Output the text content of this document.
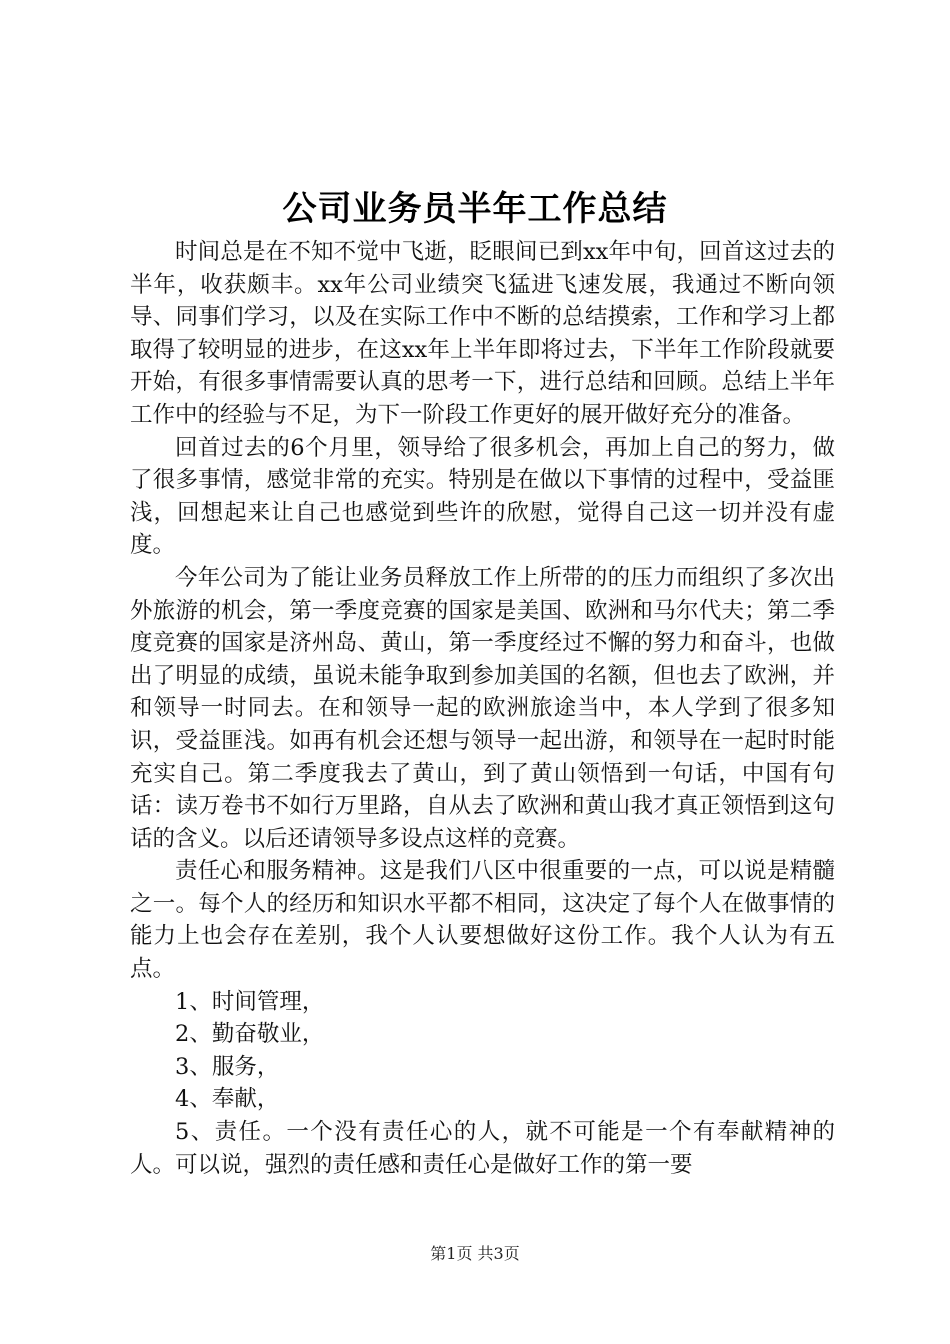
公司业务员半年工作总结

时间总是在不知不觉中飞逝，眨眼间已到xx年中旬，回首这过去的半年，收获颇丰。xx年公司业绩突飞猛进飞速发展，我通过不断向领导、同事们学习，以及在实际工作中不断的总结摸索，工作和学习上都取得了较明显的进步，在这xx年上半年即将过去，下半年工作阶段就要开始，有很多事情需要认真的思考一下，进行总结和回顾。总结上半年工作中的经验与不足，为下一阶段工作更好的展开做好充分的准备。

回首过去的6个月里，领导给了很多机会，再加上自己的努力，做了很多事情，感觉非常的充实。特别是在做以下事情的过程中，受益匪浅，回想起来让自己也感觉到些许的欣慰，觉得自己这一切并没有虚度。

今年公司为了能让业务员释放工作上所带的的压力而组织了多次出外旅游的机会，第一季度竞赛的国家是美国、欧洲和马尔代夫；第二季度竞赛的国家是济州岛、黄山，第一季度经过不懈的努力和奋斗，也做出了明显的成绩，虽说未能争取到参加美国的名额，但也去了欧洲，并和领导一时同去。在和领导一起的欧洲旅途当中，本人学到了很多知识，受益匪浅。如再有机会还想与领导一起出游，和领导在一起时时能充实自己。第二季度我去了黄山，到了黄山领悟到一句话，中国有句话：读万卷书不如行万里路，自从去了欧洲和黄山我才真正领悟到这句话的含义。以后还请领导多设点这样的竞赛。

责任心和服务精神。这是我们八区中很重要的一点，可以说是精髓之一。每个人的经历和知识水平都不相同，这决定了每个人在做事情的能力上也会存在差别，我个人认要想做好这份工作。我个人认为有五点。

1、时间管理，

2、勤奋敬业，

3、服务，

4、奉献，

5、责任。一个没有责任心的人，就不可能是一个有奉献精神的人。可以说，强烈的责任感和责任心是做好工作的第一要

第1页 共3页
